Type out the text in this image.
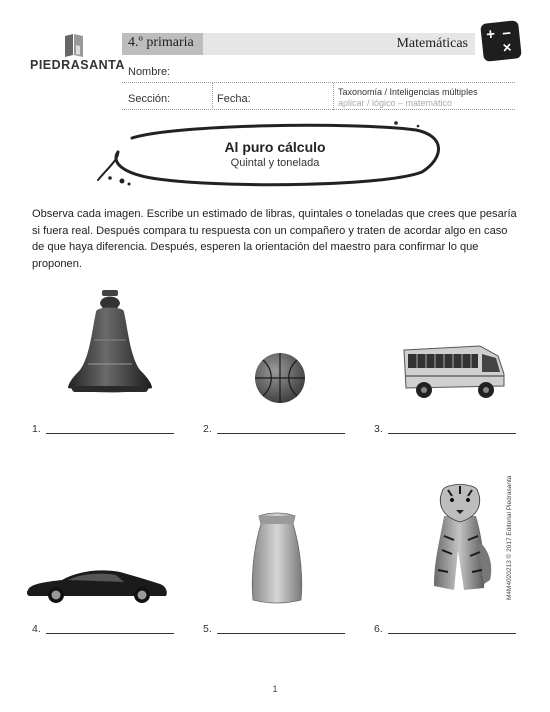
PIEDRASANTA
4.º primaria	Matemáticas
+ −
×
Nombre:
Sección:	Fecha:
Taxonomía / Inteligencias múltiples
aplicar / lógico – matemático
Al puro cálculo
Quintal y tonelada
Observa cada imagen. Escribe un estimado de libras, quintales o toneladas que crees que pesaría si fuera real. Después compara tu respuesta con un compañero y traten de acordar algo en caso de que haya diferencia. Después, esperen la orientación del maestro para confirmar lo que proponen.
1.	2.	3.
4.	5.	6.
M4M4020213 © 2017 Editorial Piedrasanta
1
